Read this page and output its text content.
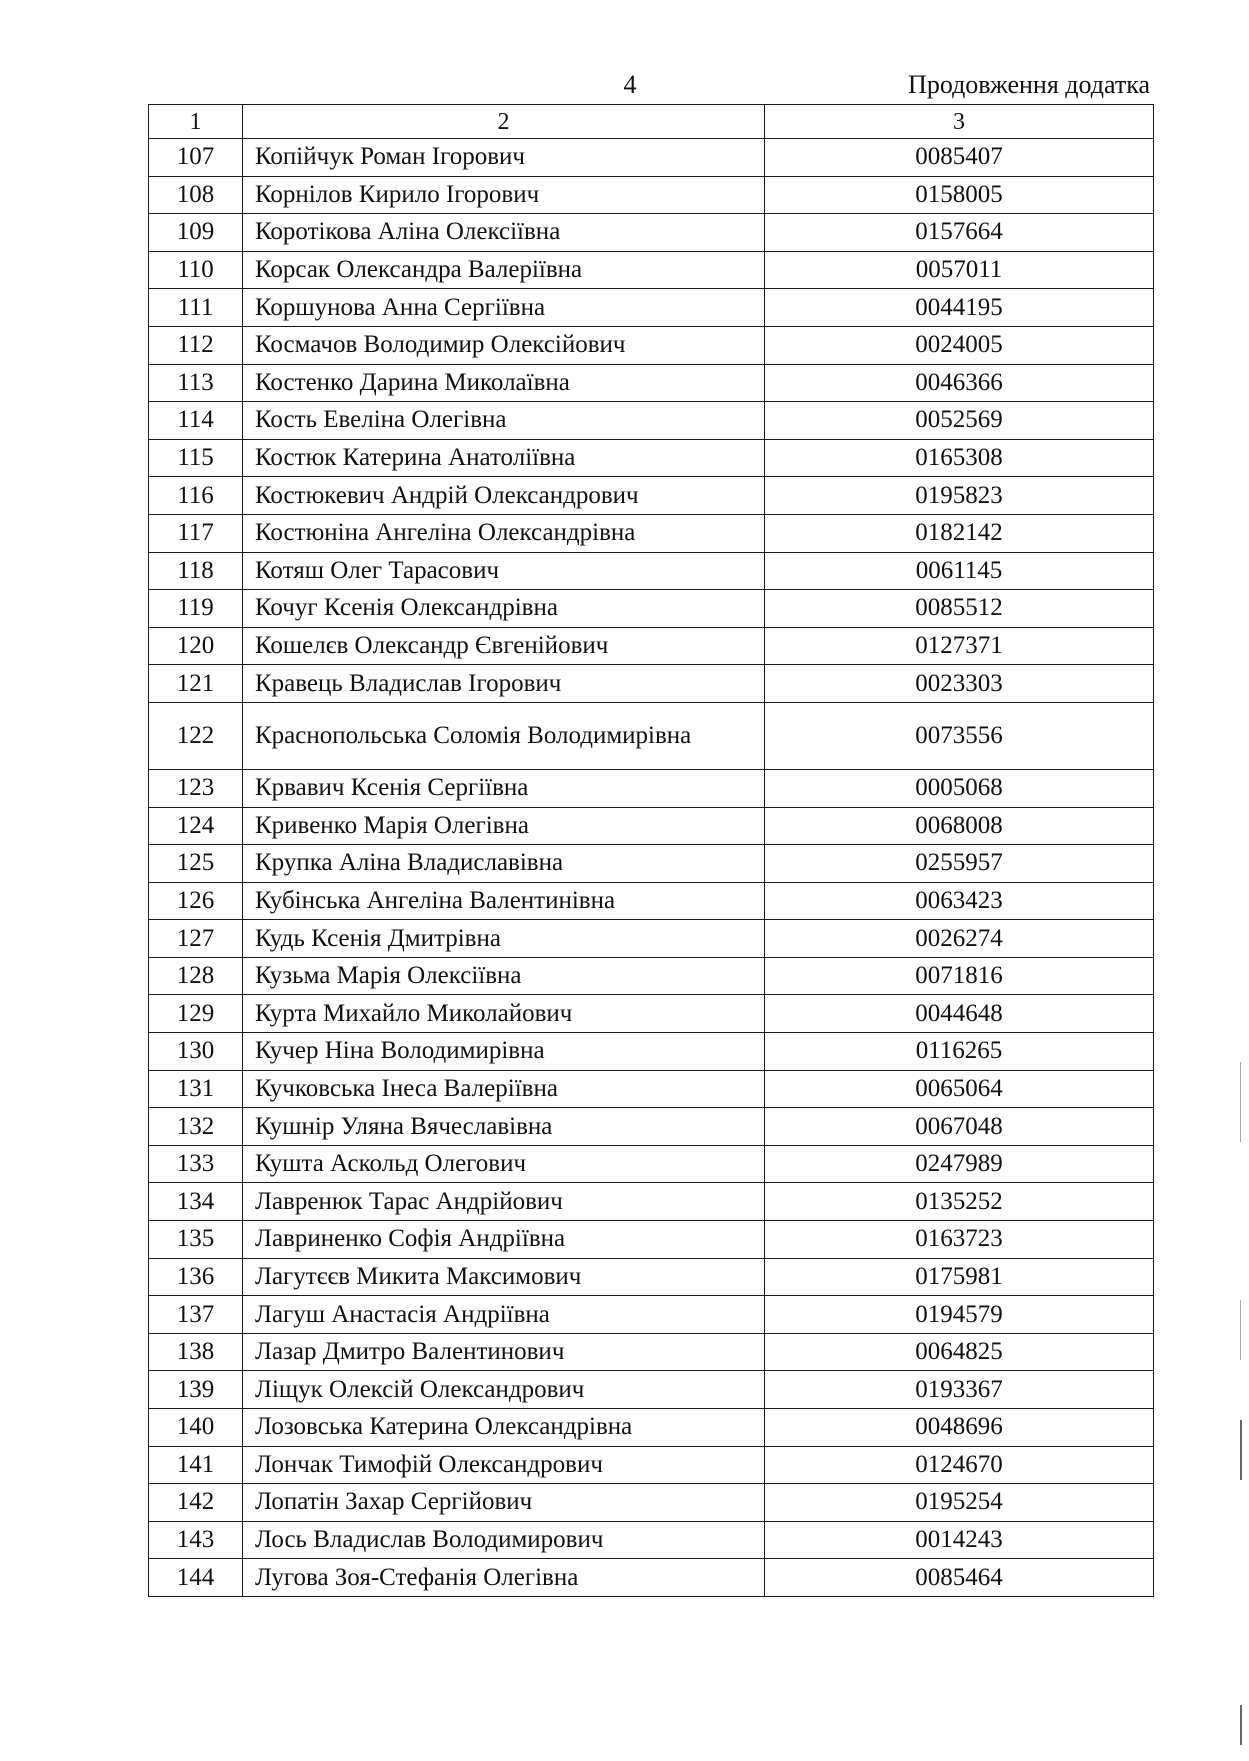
4	Продовження додатка
1	2	3
107	Копійчук Роман Ігорович	0085407
108	Корнілов Кирило Ігорович	0158005
109	Коротікова Аліна Олексіївна	0157664
110	Корсак Олександра Валеріївна	0057011
111	Коршунова Анна Сергіївна	0044195
112	Космачов Володимир Олексійович	0024005
113	Костенко Дарина Миколаївна	0046366
114	Кость Евеліна Олегівна	0052569
115	Костюк Катерина Анатоліївна	0165308
116	Костюкевич Андрій Олександрович	0195823
117	Костюніна Ангеліна Олександрівна	0182142
118	Котяш Олег Тарасович	0061145
119	Кочуг Ксенія Олександрівна	0085512
120	Кошелєв Олександр Євгенійович	0127371
121	Кравець Владислав Ігорович	0023303
122	Краснопольська Соломія Володимирівна	0073556
123	Крвавич Ксенія Сергіївна	0005068
124	Кривенко Марія Олегівна	0068008
125	Крупка Аліна Владиславівна	0255957
126	Кубінська Ангеліна Валентинівна	0063423
127	Кудь Ксенія Дмитрівна	0026274
128	Кузьма Марія Олексіївна	0071816
129	Курта Михайло Миколайович	0044648
130	Кучер Ніна Володимирівна	0116265
131	Кучковська Інеса Валеріївна	0065064
132	Кушнір Уляна Вячеславівна	0067048
133	Кушта Аскольд Олегович	0247989
134	Лавренюк Тарас Андрійович	0135252
135	Лавриненко Софія Андріївна	0163723
136	Лагутєєв Микита Максимович	0175981
137	Лагуш Анастасія Андріївна	0194579
138	Лазар Дмитро Валентинович	0064825
139	Ліщук Олексій Олександрович	0193367
140	Лозовська Катерина Олександрівна	0048696
141	Лончак Тимофій Олександрович	0124670
142	Лопатін Захар Сергійович	0195254
143	Лось Владислав Володимирович	0014243
144	Лугова Зоя-Стефанія Олегівна	0085464
